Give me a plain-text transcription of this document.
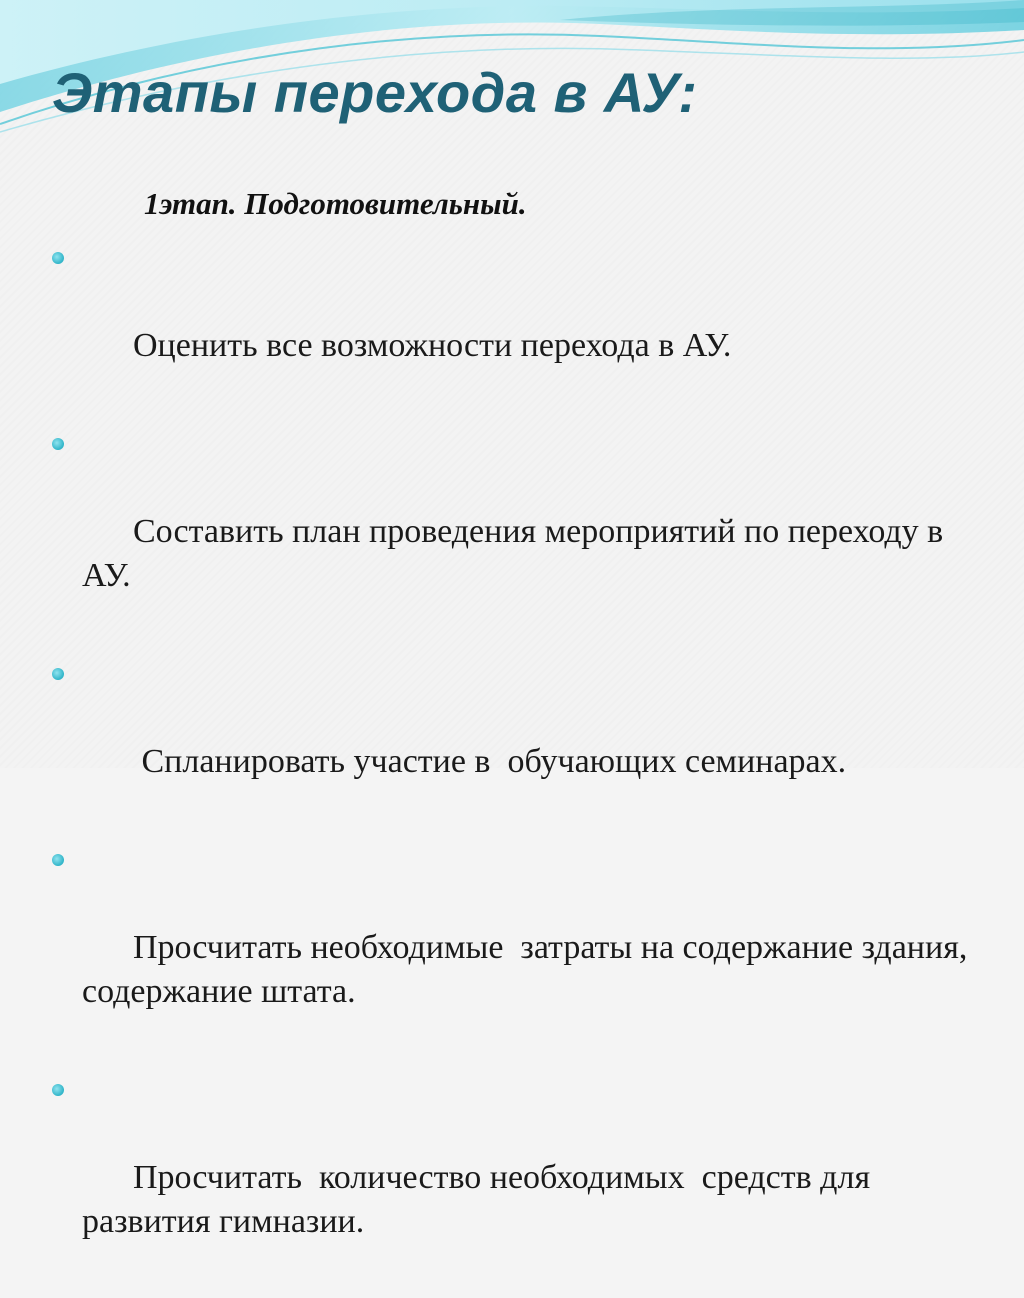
Этапы перехода в АУ:
1этап. Подготовительный.

Оценить все возможности перехода в АУ.

Составить план проведения мероприятий по переходу в АУ.

Спланировать участие в  обучающих семинарах.

Просчитать необходимые  затраты на содержание здания,  содержание штата.

Просчитать  количество необходимых  средств для развития гимназии.
